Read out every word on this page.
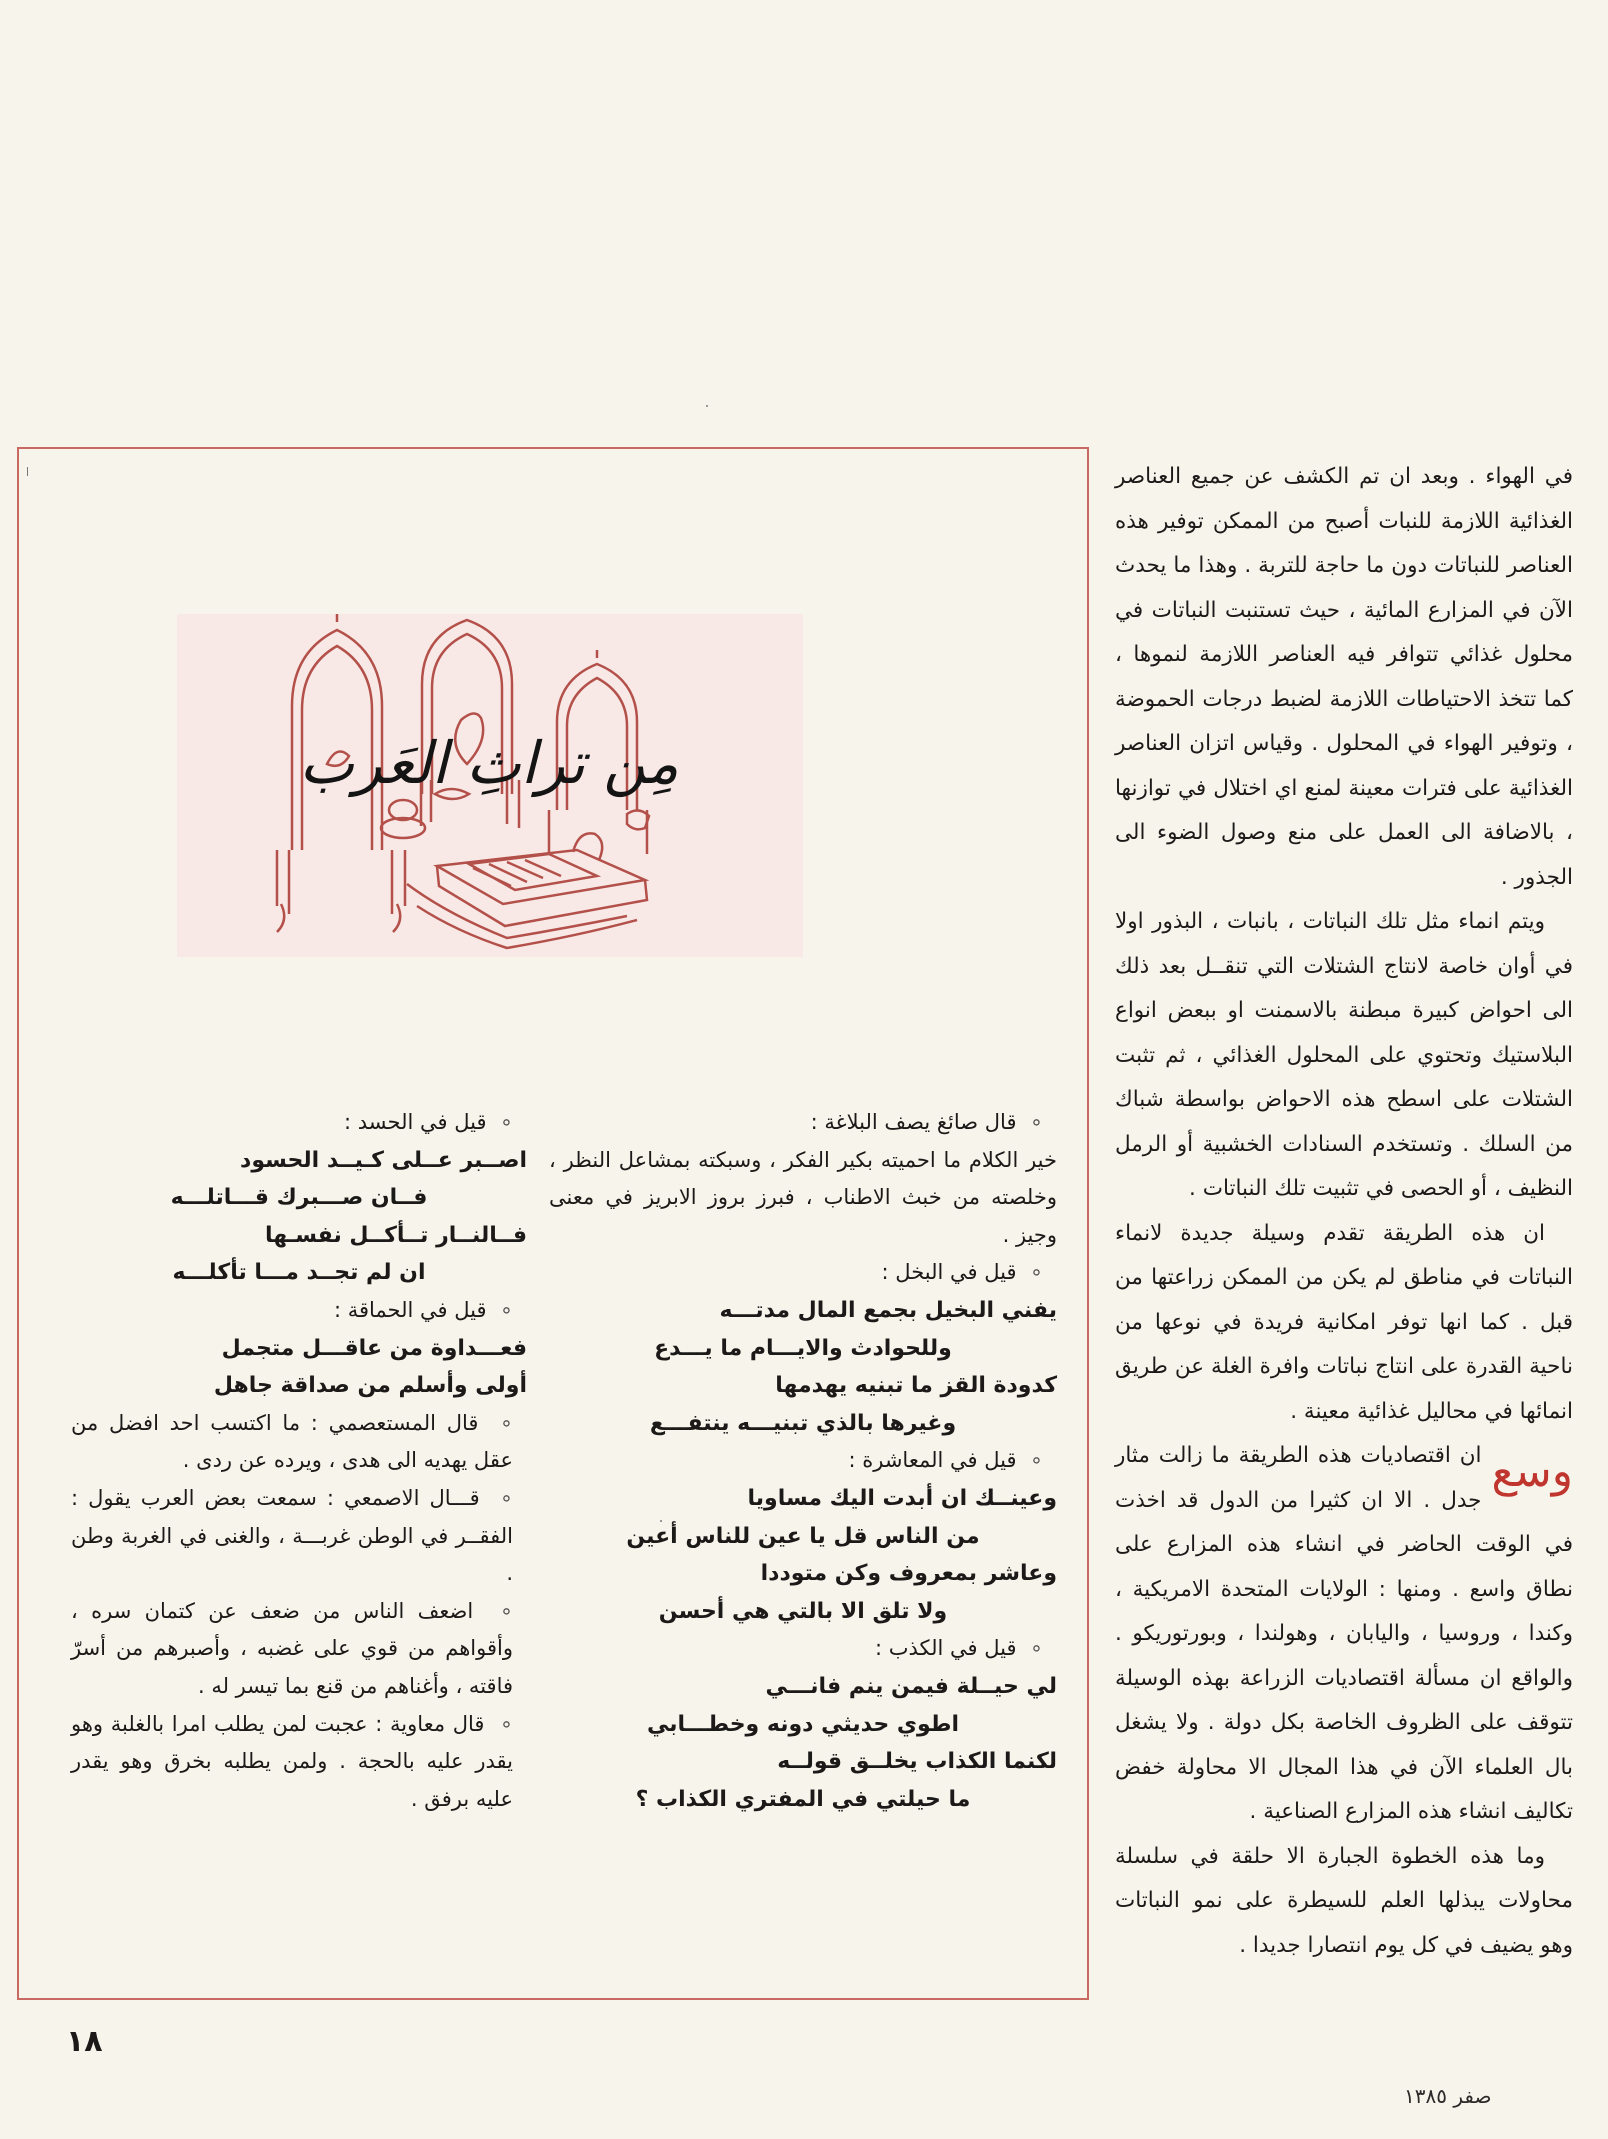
في الهواء . وبعد ان تم الكشف عن جميع العناصر الغذائية اللازمة للنبات أصبح من الممكن توفير هذه العناصر للنباتات دون ما حاجة للتربة . وهذا ما يحدث الآن في المزارع المائية ، حيث تستنبت النباتات في محلول غذائي تتوافر فيه العناصر اللازمة لنموها ، كما تتخذ الاحتياطات اللازمة لضبط درجات الحموضة ، وتوفير الهواء في المحلول . وقياس اتزان العناصر الغذائية على فترات معينة لمنع اي اختلال في توازنها ، بالاضافة الى العمل على منع وصول الضوء الى الجذور .

ويتم انماء مثل تلك النباتات ، بانبات ، البذور اولا في أوان خاصة لانتاج الشتلات التي تنقــل بعد ذلك الى احواض كبيرة مبطنة بالاسمنت او ببعض انواع البلاستيك وتحتوي على المحلول الغذائي ، ثم تثبت الشتلات على اسطح هذه الاحواض بواسطة شباك من السلك . وتستخدم السنادات الخشبية أو الرمل النظيف ، أو الحصى في تثبيت تلك النباتات .

ان هذه الطريقة تقدم وسيلة جديدة لانماء النباتات في مناطق لم يكن من الممكن زراعتها من قبل . كما انها توفر امكانية فريدة في نوعها من ناحية القدرة على انتاج نباتات وافرة الغلة عن طريق انمائها في محاليل غذائية معينة .

وسع
ان اقتصاديات هذه الطريقة ما زالت مثار جدل . الا ان كثيرا من الدول قد اخذت في الوقت الحاضر في انشاء هذه المزارع على نطاق واسع . ومنها : الولايات المتحدة الامريكية ، وكندا ، وروسيا ، واليابان ، وهولندا ، وبورتوريكو . والواقع ان مسألة اقتصاديات الزراعة بهذه الوسيلة تتوقف على الظروف الخاصة بكل دولة . ولا يشغل بال العلماء الآن في هذا المجال الا محاولة خفض تكاليف انشاء هذه المزارع الصناعية .

وما هذه الخطوة الجبارة الا حلقة في سلسلة محاولات يبذلها العلم للسيطرة على نمو النباتات وهو يضيف في كل يوم انتصارا جديدا .

مِن تراثِ العَرب

∘  قال صائغ يصف البلاغة :

خير الكلام ما احميته بكير الفكر ، وسبكته بمشاعل النظر ، وخلصته من خبث الاطناب ، فبرز بروز الابريز في معنى وجيز .

∘  قيل في البخل :

يفني البخيل بجمع المال مدتـــه

وللحوادث والايـــام ما يـــدع

كدودة القز ما تبنيه يهدمها

وغيرها بالذي تبنيـــه ينتفـــع

∘  قيل في المعاشرة :

وعينــك ان أبدت اليك مساويا

من الناس قل يا عين للناس أعين

وعاشر بمعروف وكن متوددا

ولا تلق الا بالتي هي أحسن

∘  قيل في الكذب :

لي حيــلة فيمن ينم فانـــي

اطوي حديثي دونه وخطـــابي

لكنما الكذاب يخلــق قولــه

ما حيلتي في المفتري الكذاب ؟

∘  قيل في الحسد :

اصــبر عــلى كـيــد الحسود

فــان صـــبرك قـــاتلـــه

فــالنــار تــأكــل نفسـها

ان لم تجــد مـــا تأكلـــه

∘  قيل في الحماقة :

فعـــداوة من عاقـــل متجمل

أولى وأسلم من صداقة جاهل

∘  قال المستعصمي : ما اكتسب احد افضل من عقل يهديه الى هدى ، ويرده عن ردى .

∘  قـــال الاصمعي : سمعت بعض العرب يقول : الفقــر في الوطن غربـــة ، والغنى في الغربة وطن .

∘  اضعف الناس من ضعف عن كتمان سره ، وأقواهم من قوي على غضبه ، وأصبرهم من أسرّ فاقته ، وأغناهم من قنع بما تيسر له .

∘  قال معاوية : عجبت لمن يطلب امرا بالغلبة وهو يقدر عليه بالحجة . ولمن يطلبه بخرق وهو يقدر عليه برفق .

١٨
صفر ١٣٨٥
